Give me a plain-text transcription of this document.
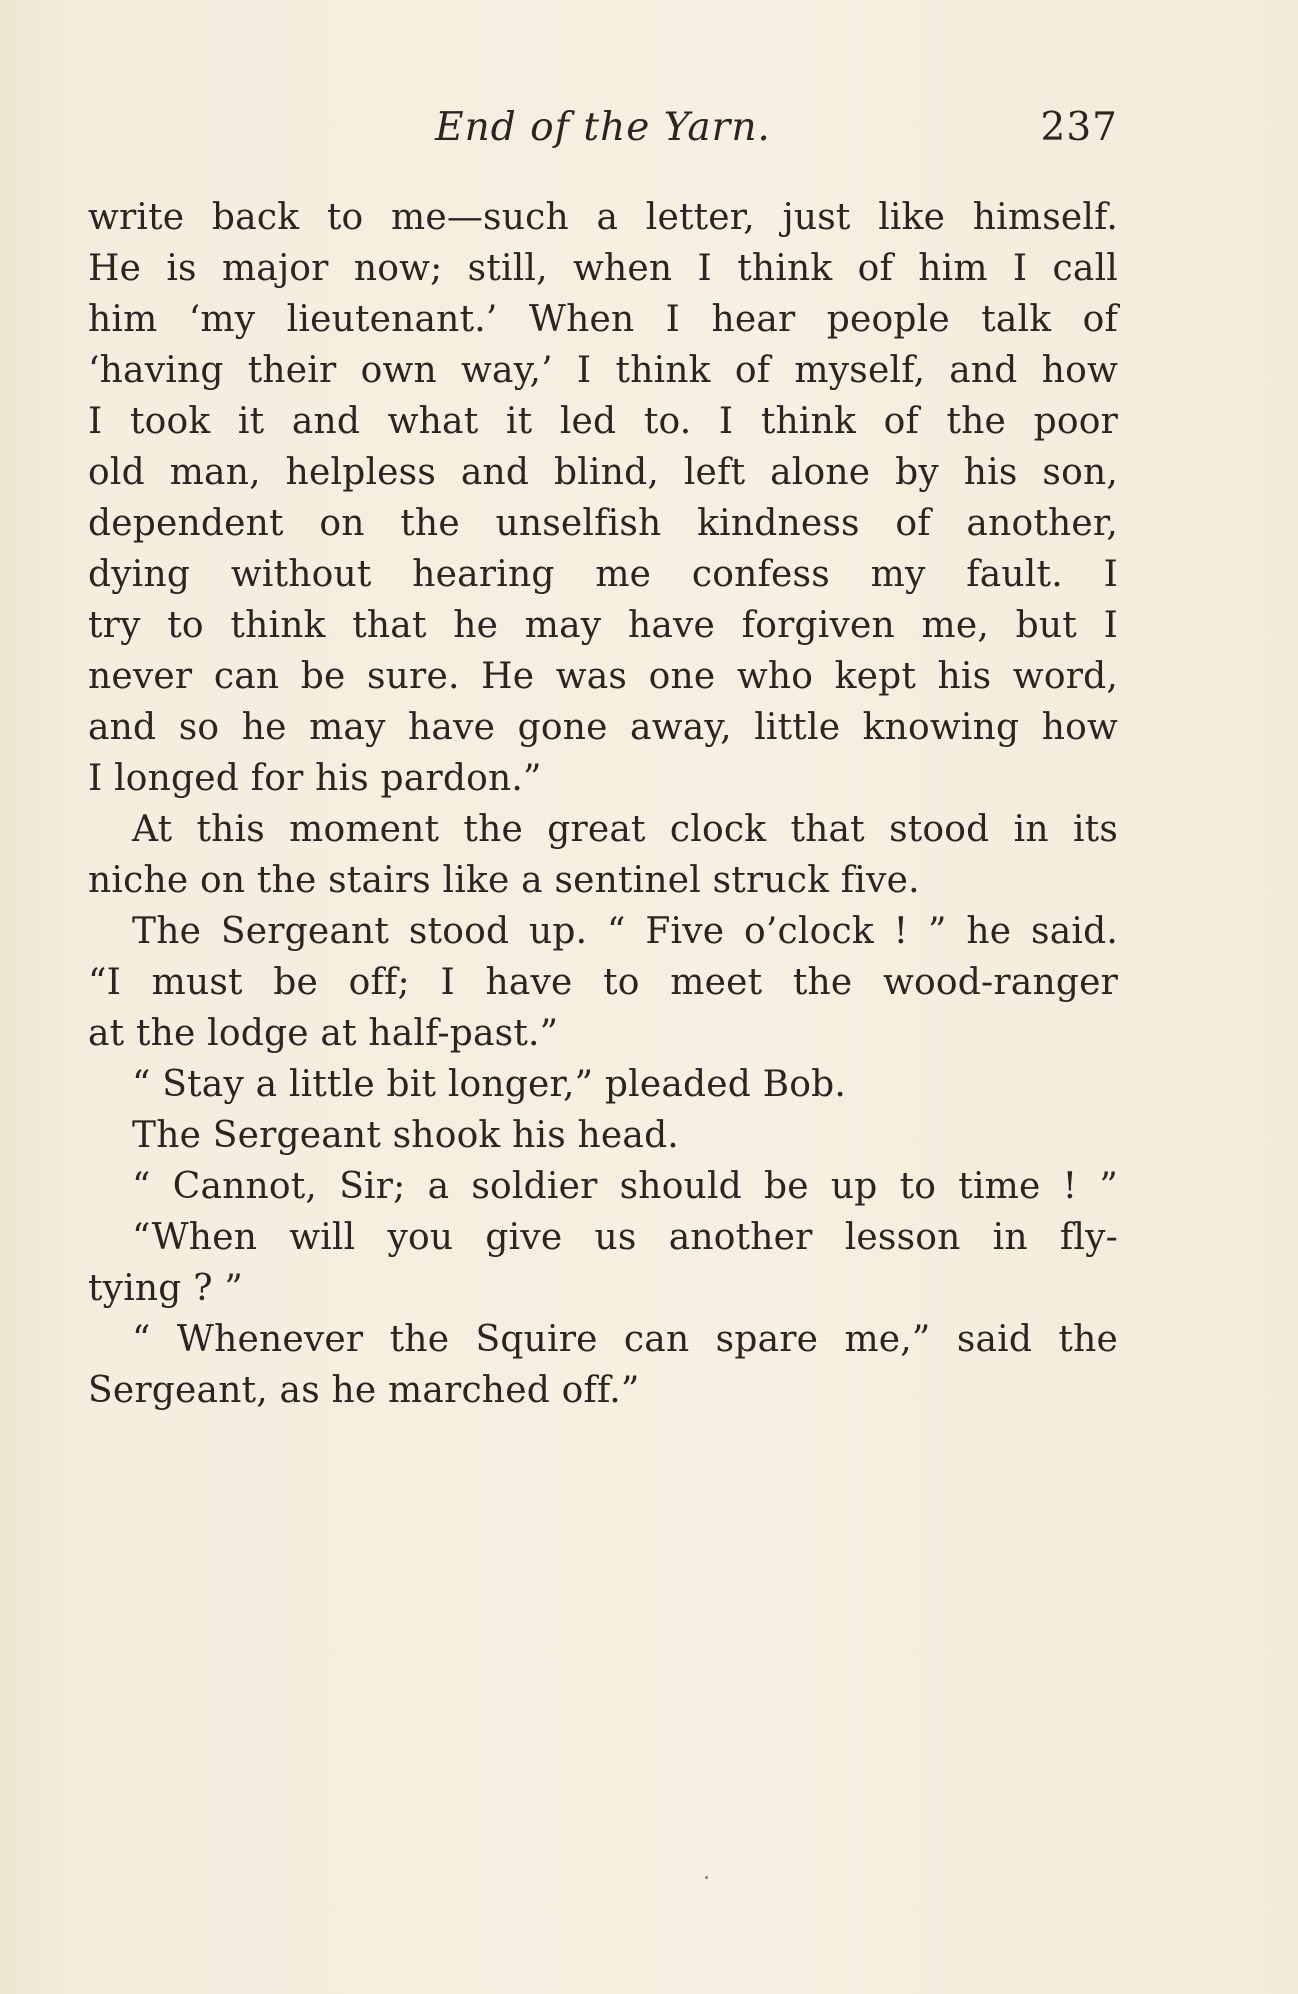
End of the Yarn.	237
write back to me—such a letter, just like himself.
He is major now; still, when I think of him I call
him ‘my lieutenant.’ When I hear people talk of
‘having their own way,’ I think of myself, and how
I took it and what it led to. I think of the poor
old man, helpless and blind, left alone by his son,
dependent on the unselfish kindness of another,
dying without hearing me confess my fault. I
try to think that he may have forgiven me, but I
never can be sure. He was one who kept his word,
and so he may have gone away, little knowing how
I longed for his pardon.”
At this moment the great clock that stood in its
niche on the stairs like a sentinel struck five.
The Sergeant stood up. “ Five o’clock ! ” he said.
“I must be off; I have to meet the wood-ranger
at the lodge at half-past.”
“ Stay a little bit longer,” pleaded Bob.
The Sergeant shook his head.
“ Cannot, Sir; a soldier should be up to time ! ”
“When will you give us another lesson in fly-
tying ? ”
“ Whenever the Squire can spare me,” said the
Sergeant, as he marched off.”
